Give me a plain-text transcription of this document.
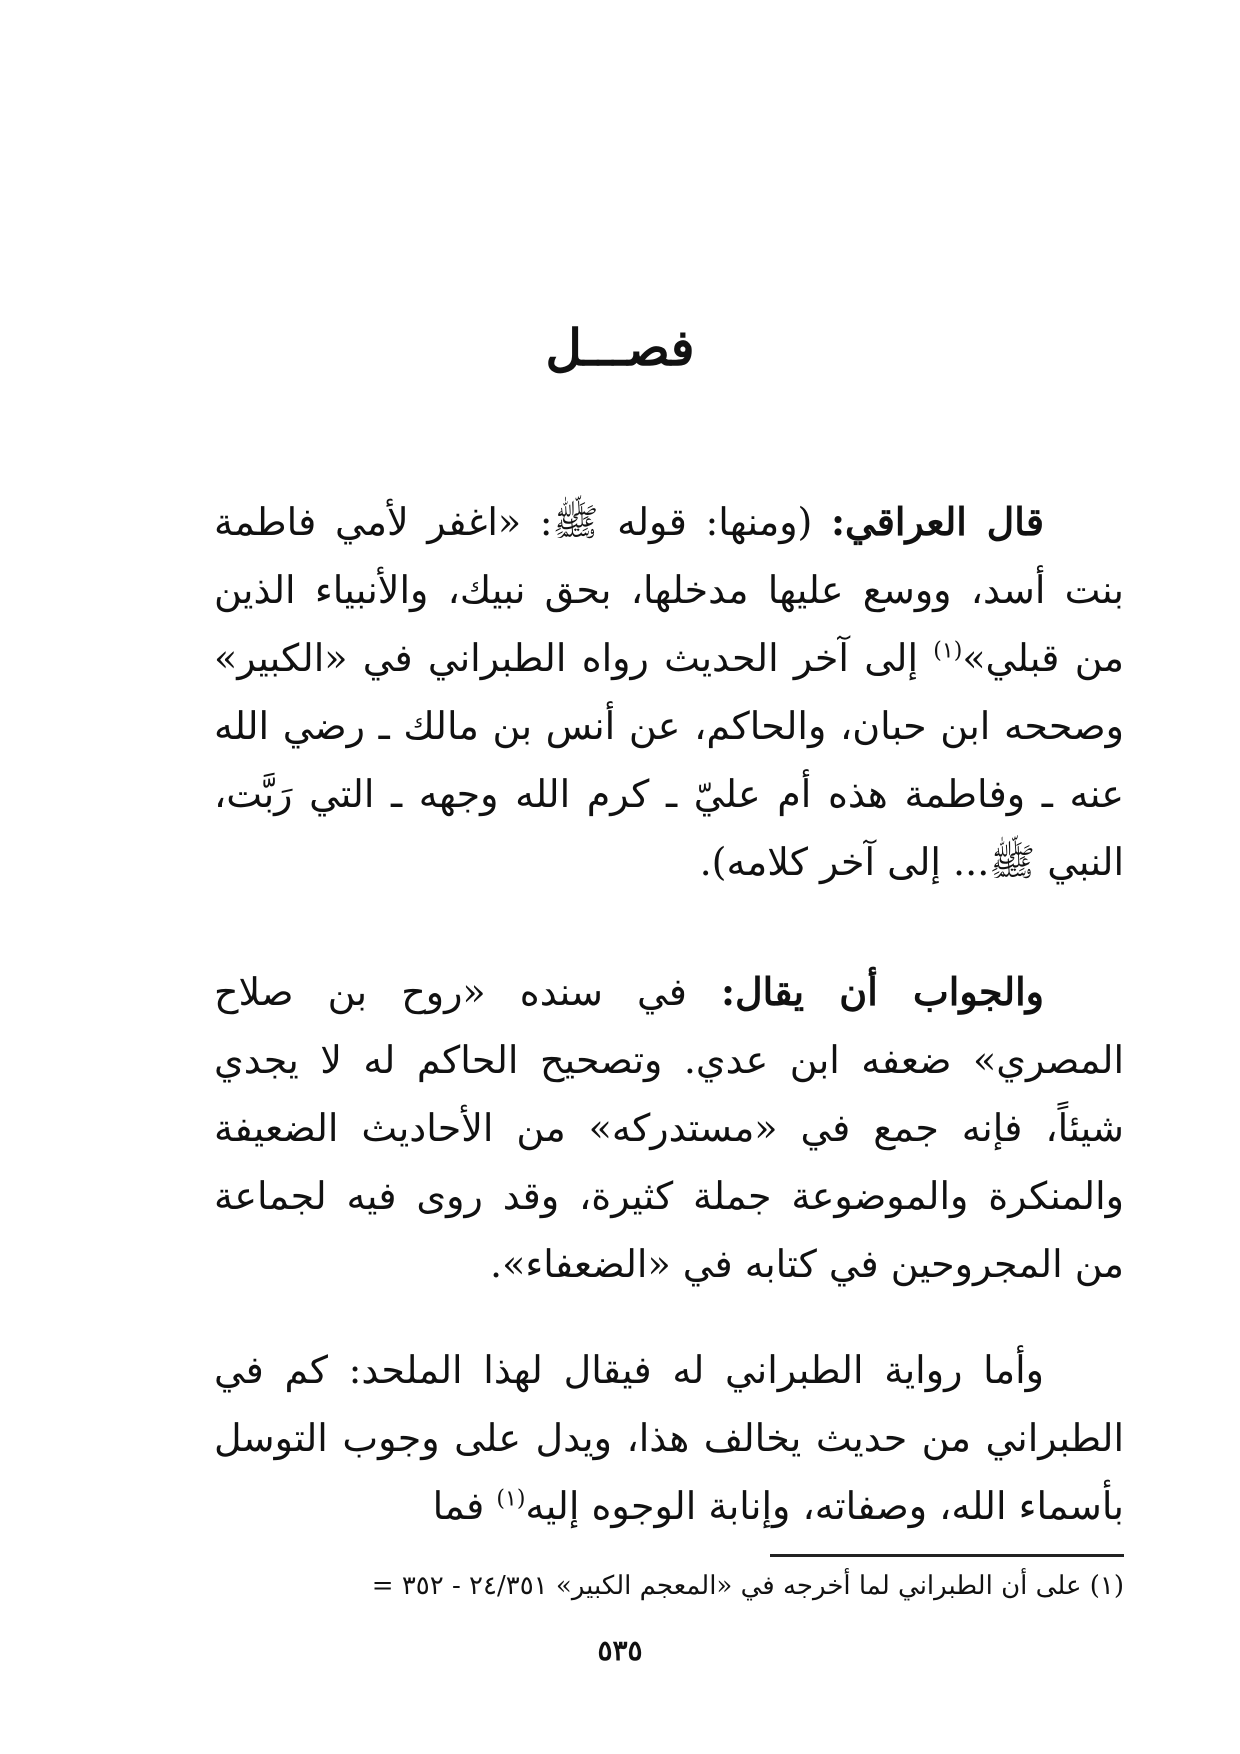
فصـــل

قال العراقي: (ومنها: قوله ﷺ: «اغفر لأمي فاطمة بنت أسد، ووسع عليها مدخلها، بحق نبيك، والأنبياء الذين من قبلي»$^{(١)}$ إلى آخر الحديث رواه الطبراني في «الكبير» وصححه ابن حبان، والحاكم، عن أنس بن مالك ـ رضي الله عنه ـ وفاطمة هذه أم عليّ ـ كرم الله وجهه ـ التي رَبَّت، النبي ﷺ... إلى آخر كلامه).

والجواب أن يقال: في سنده «روح بن صلاح المصري» ضعفه ابن عدي. وتصحيح الحاكم له لا يجدي شيئاً، فإنه جمع في «مستدركه» من الأحاديث الضعيفة والمنكرة والموضوعة جملة كثيرة، وقد روى فيه لجماعة من المجروحين في كتابه في «الضعفاء».

وأما رواية الطبراني له فيقال لهذا الملحد: كم في الطبراني من حديث يخالف هذا، ويدل على وجوب التوسل بأسماء الله، وصفاته، وإنابة الوجوه إليه$^{(١)}$ فما

(١) على أن الطبراني لما أخرجه في «المعجم الكبير» ٢٤/٣٥١ - ٣٥٢ =
٥٣٥
